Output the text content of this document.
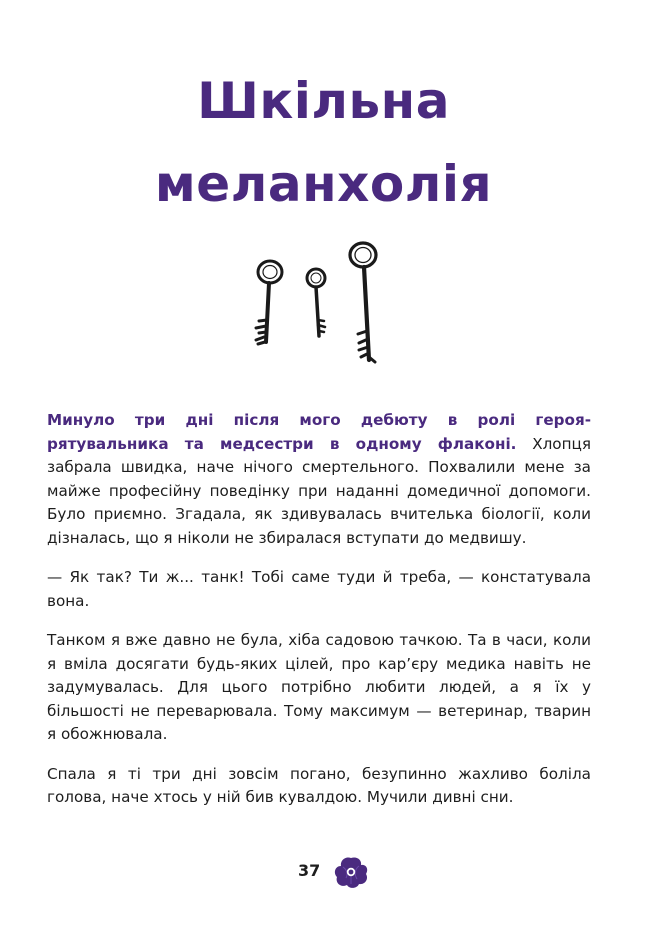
Шкільна
меланхолія

Минуло три дні після мого дебюту в ролі героя-рятувальника та медсестри в одному флаконі. Хлопця забрала швидка, наче нічого смертельного. Похвалили мене за майже професійну поведінку при наданні домедичної допомоги. Було приємно. Згадала, як здивувалась вчителька біології, коли дізналась, що я ніколи не збиралася вступати до медвишу.

— Як так? Ти ж... танк! Тобі саме туди й треба, — констатувала вона.

Танком я вже давно не була, хіба садовою тачкою. Та в часи, коли я вміла досягати будь-яких цілей, про кар’єру медика навіть не задумувалась. Для цього потрібно любити людей, а я їх у більшості не переварювала. Тому максимум — ветеринар, тварин я обожнювала.

Спала я ті три дні зовсім погано, безупинно жахливо боліла голова, наче хтось у ній бив кувалдою. Мучили дивні сни.

37
